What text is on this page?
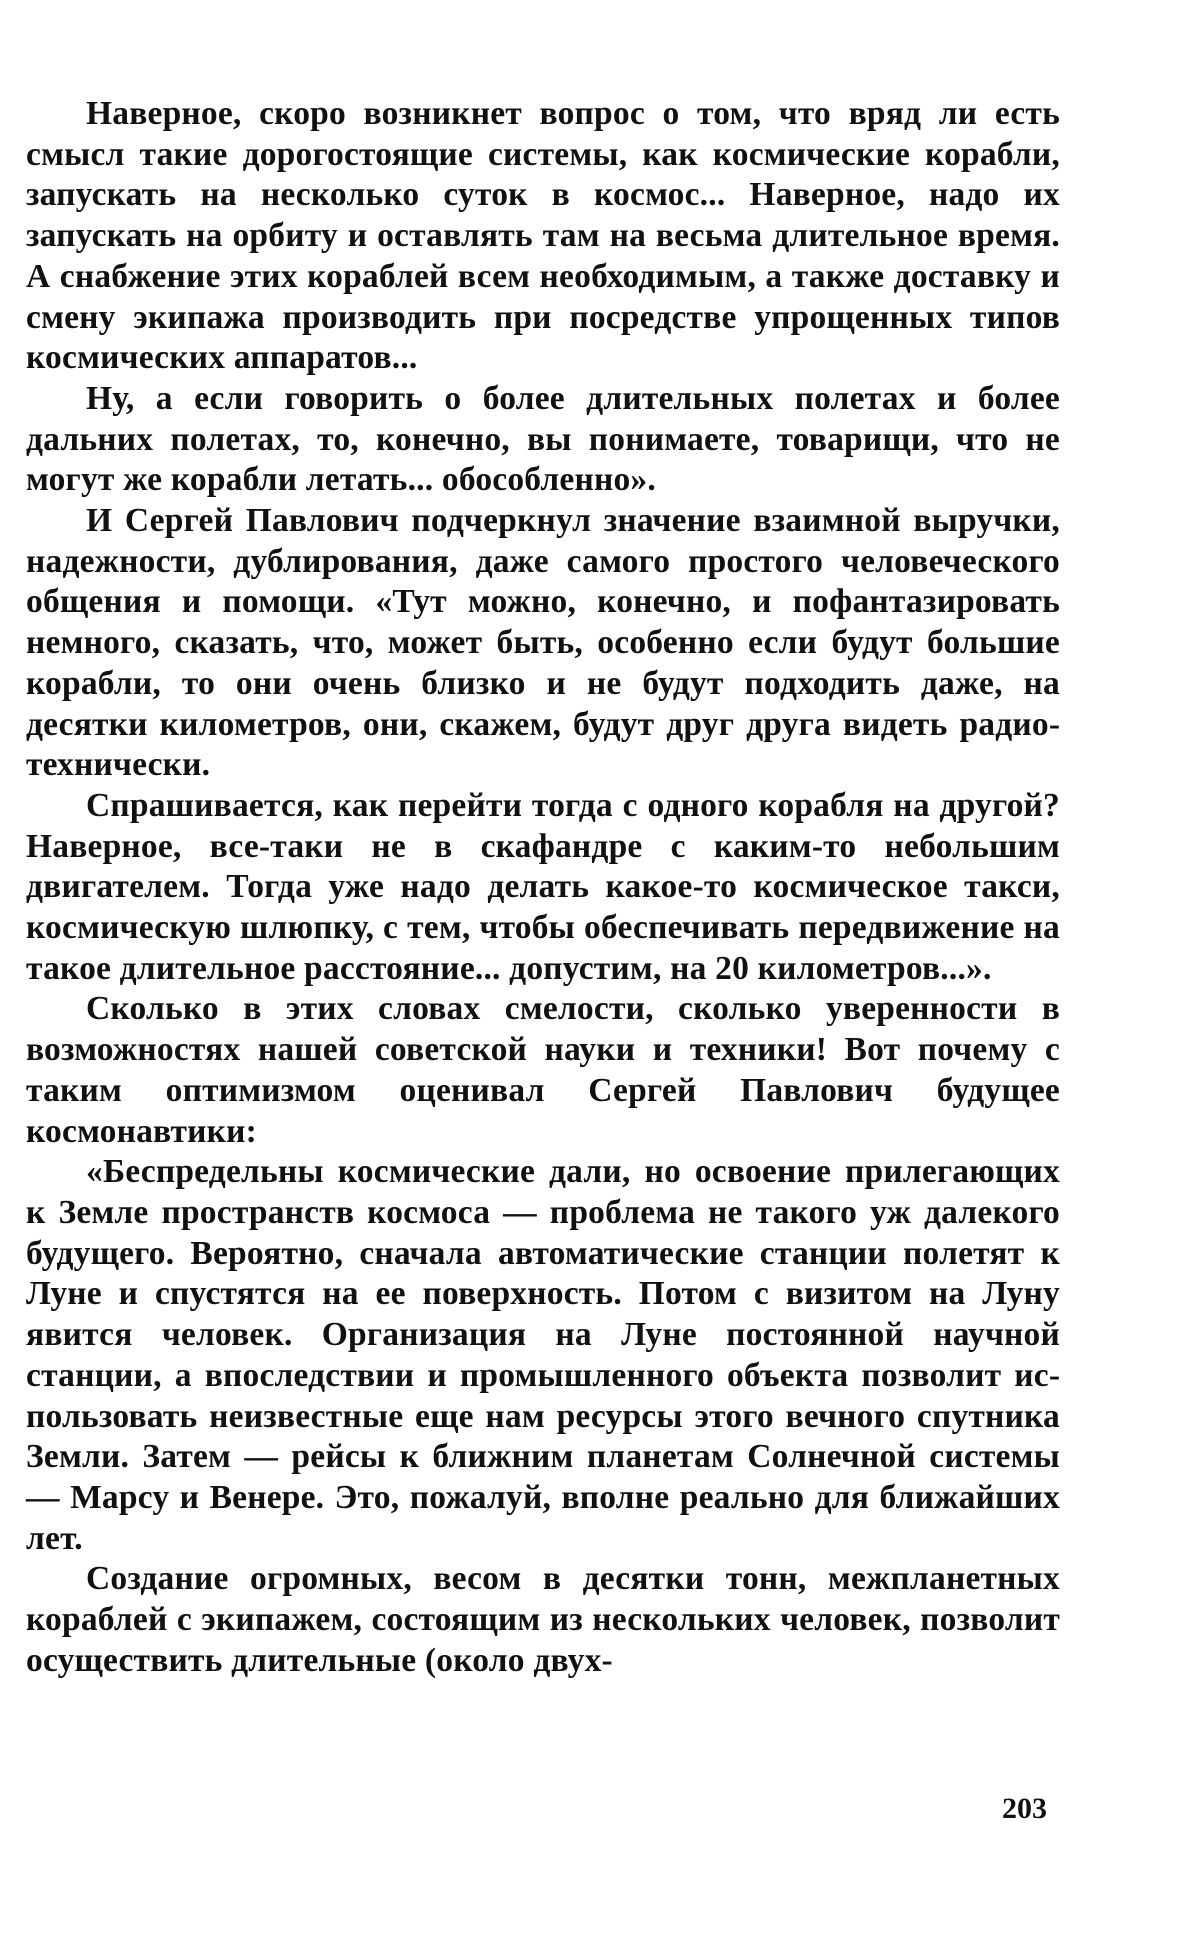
Наверное, скоро возникнет вопрос о том, что вряд ли есть смысл такие дорогостоящие системы, как космические корабли, запускать на несколько суток в космос... Наверное, надо их запускать на орбиту и оставлять там на весьма длительное время. А снабжение этих кораблей всем необходимым, а также доставку и смену экипажа производить при посредстве упрощенных типов космических аппаратов...

Ну, а если говорить о более длительных полетах и более дальних полетах, то, конечно, вы понимаете, товарищи, что не могут же корабли летать... обособленно».

И Сергей Павлович подчеркнул значение взаимной выручки, надежности, дублирования, даже самого простого человеческого общения и помощи. «Тут можно, конечно, и пофантазировать немного, сказать, что, может быть, особенно если будут большие корабли, то они очень близко и не будут подходить даже, на десятки километров, они, скажем, будут друг друга видеть радиотехнически.

Спрашивается, как перейти тогда с одного корабля на другой? Наверное, все-таки не в скафандре с каким-то небольшим двигателем. Тогда уже надо делать какое-то космическое такси, космическую шлюпку, с тем, чтобы обеспечивать передвижение на такое длительное расстояние... допустим, на 20 километров...».

Сколько в этих словах смелости, сколько уверенности в возможностях нашей советской науки и техники! Вот почему с таким оптимизмом оценивал Сергей Павлович будущее космонавтики:

«Беспредельны космические дали, но освоение прилегающих к Земле пространств космоса — проблема не такого уж далекого будущего. Вероятно, сначала автоматические станции полетят к Луне и спустятся на ее поверхность. Потом с визитом на Луну явится человек. Организация на Луне постоянной научной станции, а впоследствии и промышленного объекта позволит использовать неизвестные еще нам ресурсы этого вечного спутника Земли. Затем — рейсы к ближним планетам Солнечной системы — Марсу и Венере. Это, пожалуй, вполне реально для ближайших лет.

Создание огромных, весом в десятки тонн, межпланетных кораблей с экипажем, состоящим из нескольких человек, позволит осуществить длительные (около двух-

203
